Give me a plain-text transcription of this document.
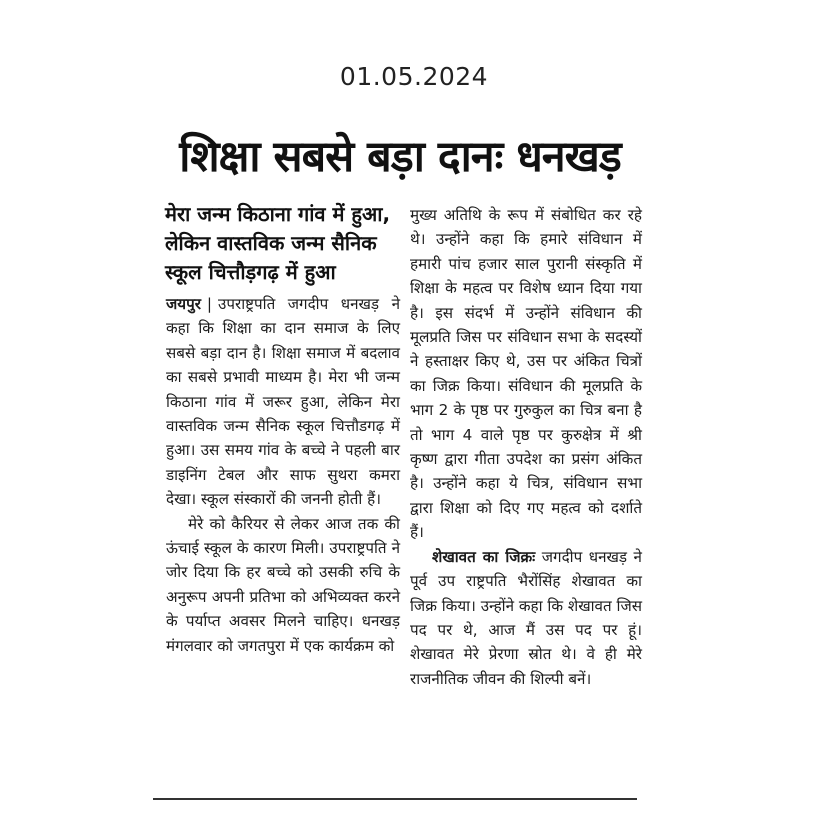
01.05.2024
शिक्षा सबसे बड़ा दानः धनखड़
मेरा जन्म किठाना गांव में हुआ, लेकिन वास्तविक जन्म सैनिक स्कूल चित्तौड़गढ़ में हुआ

जयपुर | उपराष्ट्रपति जगदीप धनखड़ ने कहा कि शिक्षा का दान समाज के लिए सबसे बड़ा दान है। शिक्षा समाज में बदलाव का सबसे प्रभावी माध्यम है। मेरा भी जन्म किठाना गांव में जरूर हुआ, लेकिन मेरा वास्तविक जन्म सैनिक स्कूल चित्तौडगढ़ में हुआ। उस समय गांव के बच्चे ने पहली बार डाइनिंग टेबल और साफ सुथरा कमरा देखा। स्कूल संस्कारों की जननी होती हैं।

मेरे को कैरियर से लेकर आज तक की ऊंचाई स्कूल के कारण मिली। उपराष्ट्रपति ने जोर दिया कि हर बच्चे को उसकी रुचि के अनुरूप अपनी प्रतिभा को अभिव्यक्त करने के पर्याप्त अवसर मिलने चाहिए। धनखड़ मंगलवार को जगतपुरा में एक कार्यक्रम को

मुख्य अतिथि के रूप में संबोधित कर रहे थे। उन्होंने कहा कि हमारे संविधान में हमारी पांच हजार साल पुरानी संस्कृति में शिक्षा के महत्व पर विशेष ध्यान दिया गया है। इस संदर्भ में उन्होंने संविधान की मूलप्रति जिस पर संविधान सभा के सदस्यों ने हस्ताक्षर किए थे, उस पर अंकित चित्रों का जिक्र किया। संविधान की मूलप्रति के भाग 2 के पृष्ठ पर गुरुकुल का चित्र बना है तो भाग 4 वाले पृष्ठ पर कुरुक्षेत्र में श्री कृष्ण द्वारा गीता उपदेश का प्रसंग अंकित है। उन्होंने कहा ये चित्र, संविधान सभा द्वारा शिक्षा को दिए गए महत्व को दर्शाते हैं।

शेखावत का जिक्रः जगदीप धनखड़ ने पूर्व उप राष्ट्रपति भैरोंसिंह शेखावत का जिक्र किया। उन्होंने कहा कि शेखावत जिस पद पर थे, आज मैं उस पद पर हूं। शेखावत मेरे प्रेरणा स्रोत थे। वे ही मेरे राजनीतिक जीवन की शिल्पी बनें।
